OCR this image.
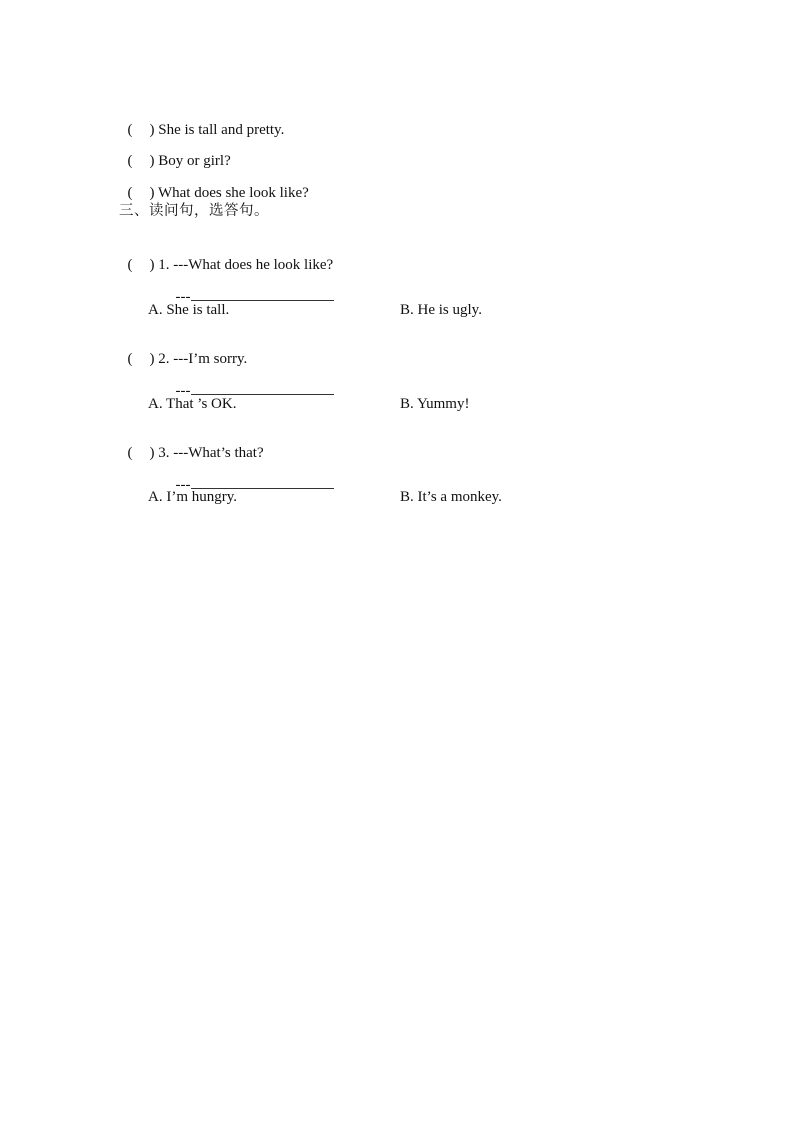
( ) She is tall and pretty.

( ) Boy or girl?

( ) What does she look like?

三、读问句，选答句。

( ) 1. ---What does he look like?

---

A. She is tall.	B. He is ugly.

( ) 2. ---I’m sorry.

---

A. That ’s OK.	B. Yummy!

( ) 3. ---What’s that?

---

A. I’m hungry.	B. It’s a monkey.
